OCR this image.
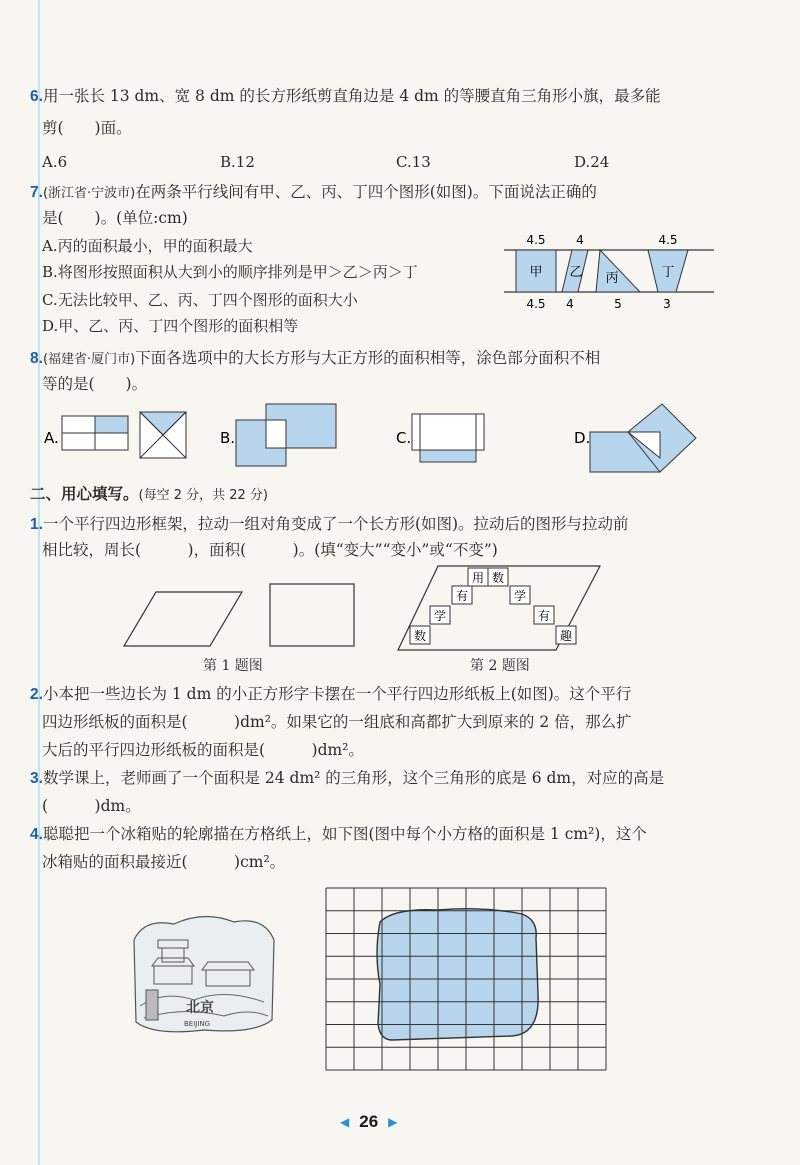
6.用一张长 13 dm、宽 8 dm 的长方形纸剪直角边是 4 dm 的等腰直角三角形小旗，最多能
剪(　　)面。
A.6	B.12	C.13	D.24
7.(浙江省·宁波市)在两条平行线间有甲、乙、丙、丁四个图形(如图)。下面说法正确的
是(　　)。(单位:cm)
A.丙的面积最小，甲的面积最大
B.将图形按照面积从大到小的顺序排列是甲＞乙＞丙＞丁
C.无法比较甲、乙、丙、丁四个图形的面积大小
D.甲、乙、丙、丁四个图形的面积相等
甲 乙 丙	丁
4.5	4	4.5
4.5 4	5	3
8.(福建省·厦门市)下面各选项中的大长方形与大正方形的面积相等，涂色部分面积不相
等的是(　　)。
A.	B.	C.	D.
二、用心填写。(每空 2 分，共 22 分)
1.一个平行四边形框架，拉动一组对角变成了一个长方形(如图)。拉动后的图形与拉动前
相比较，周长(　　　)，面积(　　　)。(填“变大”“变小”或“不变”)
用 数
有	学
学	有
数	趣
第 1 题图	第 2 题图
2.小本把一些边长为 1 dm 的小正方形字卡摆在一个平行四边形纸板上(如图)。这个平行
四边形纸板的面积是(　　　)dm²。如果它的一组底和高都扩大到原来的 2 倍，那么扩
大后的平行四边形纸板的面积是(　　　)dm²。
3.数学课上，老师画了一个面积是 24 dm² 的三角形，这个三角形的底是 6 dm，对应的高是
(　　　)dm。
4.聪聪把一个冰箱贴的轮廓描在方格纸上，如下图(图中每个小方格的面积是 1 cm²)，这个
冰箱贴的面积最接近(　　　)cm²。
北京
BEIJING
◀ 26 ▶
